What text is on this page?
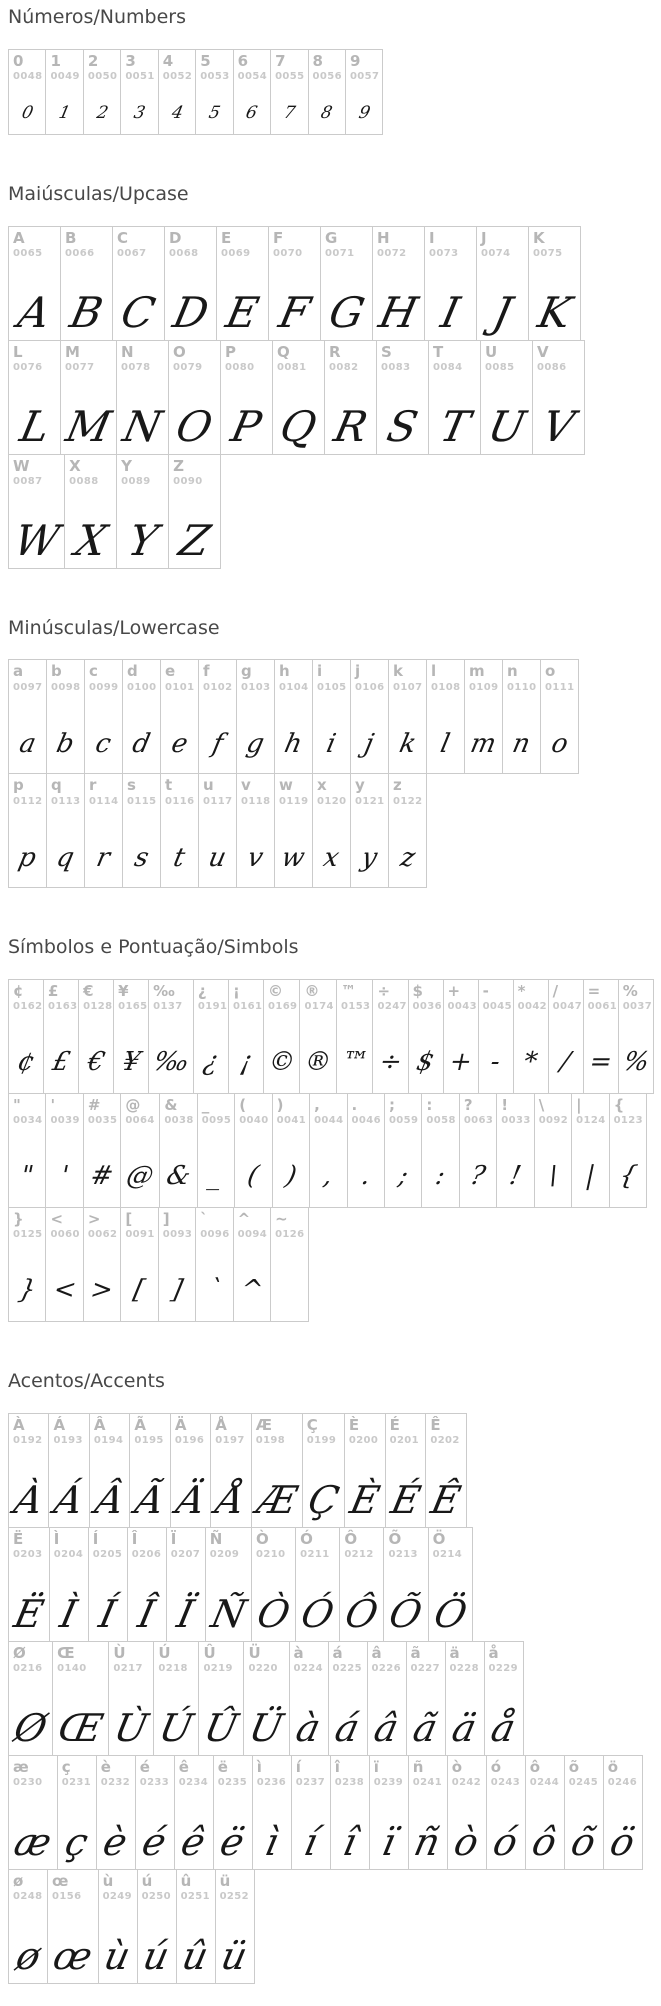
Números/Numbers
0
0048
0
1
0049
1
2
0050
2
3
0051
3
4
0052
4
5
0053
5
6
0054
6
7
0055
7
8
0056
8
9
0057
9
Maiúsculas/Upcase
A
0065
A
B
0066
B
C
0067
C
D
0068
D
E
0069
E
F
0070
F
G
0071
G
H
0072
H
I
0073
I
J
0074
J
K
0075
K
L
0076
L
M
0077
M
N
0078
N
O
0079
O
P
0080
P
Q
0081
Q
R
0082
R
S
0083
S
T
0084
T
U
0085
U
V
0086
V
W
0087
W
X
0088
X
Y
0089
Y
Z
0090
Z
Minúsculas/Lowercase
a
0097
a
b
0098
b
c
0099
c
d
0100
d
e
0101
e
f
0102
f
g
0103
g
h
0104
h
i
0105
i
j
0106
j
k
0107
k
l
0108
l
m
0109
m
n
0110
n
o
0111
o
p
0112
p
q
0113
q
r
0114
r
s
0115
s
t
0116
t
u
0117
u
v
0118
v
w
0119
w
x
0120
x
y
0121
y
z
0122
z
Símbolos e Pontuação/Simbols
¢
0162
¢
£
0163
£
€
0128
€
¥
0165
¥
‰
0137
‰
¿
0191
¿
¡
0161
¡
©
0169
©
®
0174
®
™
0153
™
÷
0247
÷
$
0036
$
+
0043
+
-
0045
-
*
0042
*
/
0047
/
=
0061
=
%
0037
%
"
0034
"
'
0039
'
#
0035
#
@
0064
@
&
0038
&
_
0095
_
(
0040
(
)
0041
)
,
0044
,
.
0046
.
;
0059
;
:
0058
:
?
0063
?
!
0033
!
\
0092
\
|
0124
|
{
0123
{
}
0125
}
<
0060
<
>
0062
>
[
0091
[
]
0093
]
`
0096
`
^
0094
^
~
0126
Acentos/Accents
À
0192
À
Á
0193
Á
Â
0194
Â
Ã
0195
Ã
Ä
0196
Ä
Å
0197
Å
Æ
0198
Æ
Ç
0199
Ç
È
0200
È
É
0201
É
Ê
0202
Ê
Ë
0203
Ë
Ì
0204
Ì
Í
0205
Í
Î
0206
Î
Ï
0207
Ï
Ñ
0209
Ñ
Ò
0210
Ò
Ó
0211
Ó
Ô
0212
Ô
Õ
0213
Õ
Ö
0214
Ö
Ø
0216
Ø
Œ
0140
Œ
Ù
0217
Ù
Ú
0218
Ú
Û
0219
Û
Ü
0220
Ü
à
0224
à
á
0225
á
â
0226
â
ã
0227
ã
ä
0228
ä
å
0229
å
æ
0230
æ
ç
0231
ç
è
0232
è
é
0233
é
ê
0234
ê
ë
0235
ë
ì
0236
ì
í
0237
í
î
0238
î
ï
0239
ï
ñ
0241
ñ
ò
0242
ò
ó
0243
ó
ô
0244
ô
õ
0245
õ
ö
0246
ö
ø
0248
ø
œ
0156
œ
ù
0249
ù
ú
0250
ú
û
0251
û
ü
0252
ü
